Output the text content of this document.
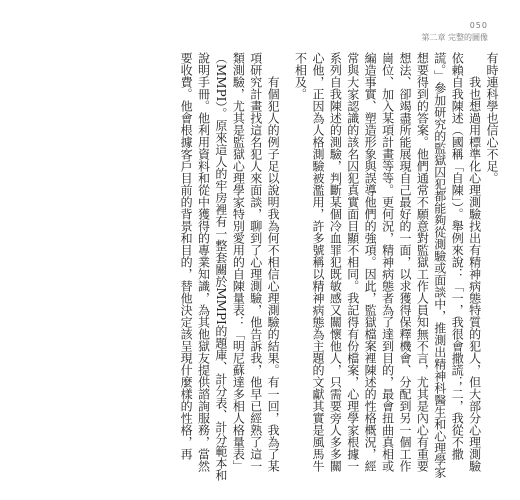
050
第二章 完整的圖像

有時連科學也信心不足。

我也想過用標準化心理測驗找出有精神病態特質的犯人，但大部分心理測驗依賴自我陳述（國稱「自陳」）。舉例來說：「一，我很會撒謊；二，我從不撒謊。」參加研究的監獄囚犯都能夠從測驗或面談中，推測出精神科醫生和心理學家想要得到的答案。他們通常不願意對監獄工作人員知無不言，尤其是內心有重要想法、卻竭盡所能展現自己最好的一面，以求獲得保釋機會、分配到另一個工作崗位、加入某項計畫等等。更何況，精神病態者為了達到目的，最會扭曲真相或編造事實、塑造形象與誤導他們的強項。因此，監獄檔案裡陳述的性格概況，經常與大家認識的該名囚犯真實面目顯不相同。我記得有份檔案，心理學家根據一系列自我陳述的測驗，判斷某個冷血罪犯既敏感又關懷他人，只需要旁人多多關心他，正因為人格測驗被濫用，許多號稱以精神病態為主題的文獻其實是風馬牛不相及。

有個犯人的例子足以說明我為何不相信心理測驗的結果。有一回，我為了某項研究計畫找這名犯人來面談，聊到了心理測驗，他告訴我，他早已經熟了這一類測驗，尤其是監獄心理學家特別愛用的自陳量表：「明尼蘇達多相人格量表」（MMPI）。原來這人的牢房裡有一整套關於MMPI的題庫、計分表、計分範本和說明手冊。他利用資料和從中獲得的專業知識，為其他獄友提供諮詢服務，當然要收費。他會根據客戶目前的背景和目的，替他決定該呈現什麼樣的性格，再
